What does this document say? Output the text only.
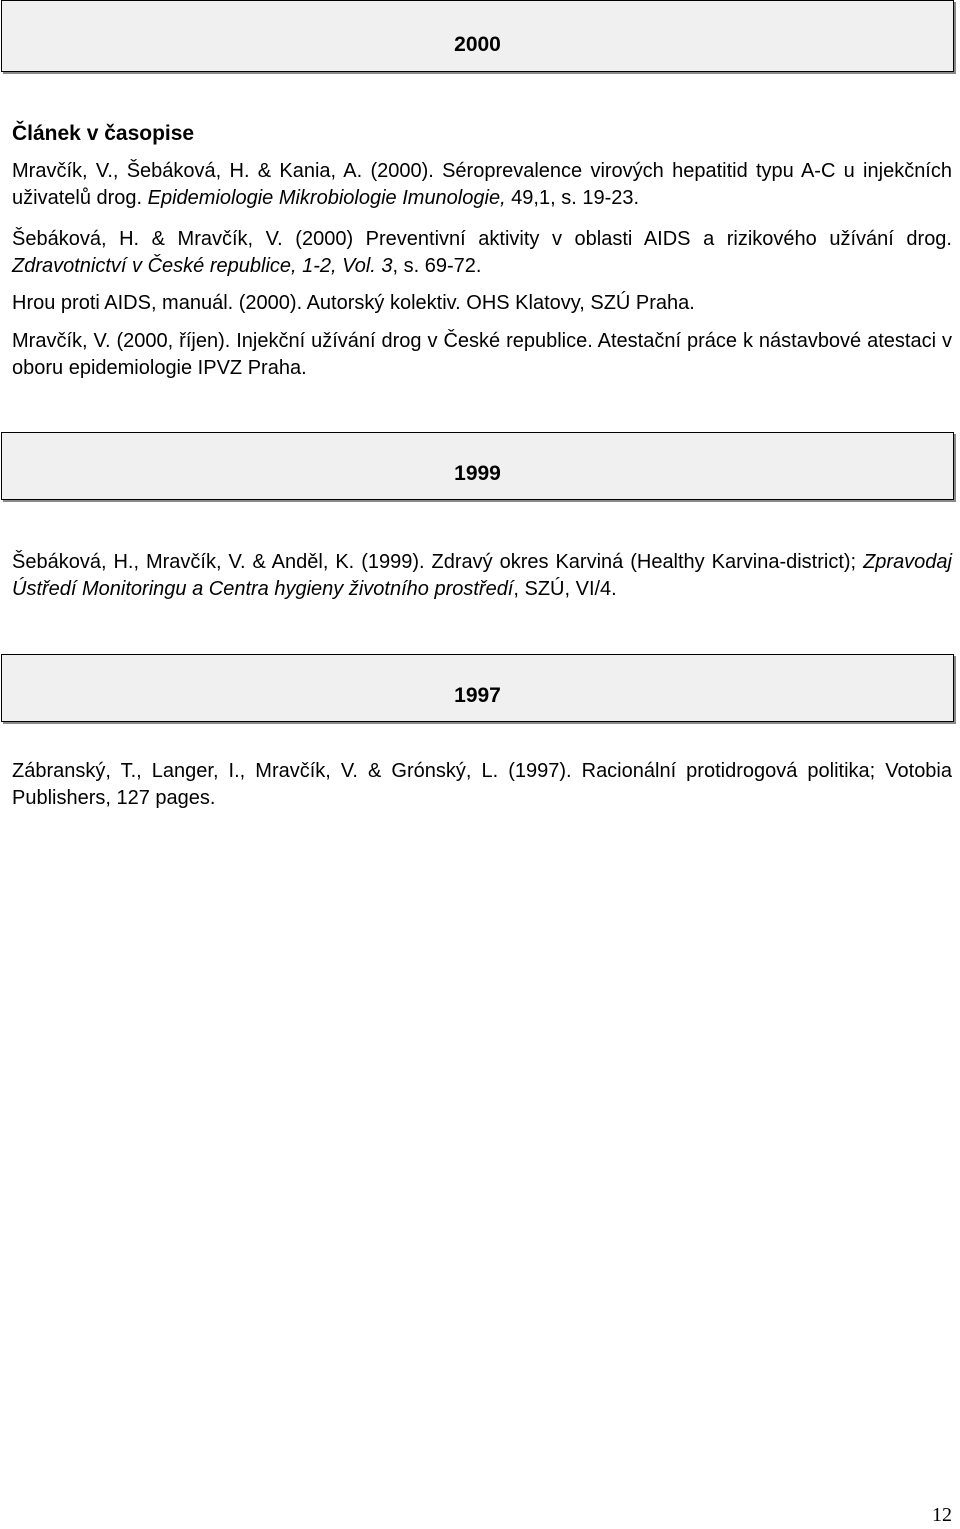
2000

Článek v časopise

Mravčík, V., Šebáková, H. & Kania, A. (2000). Séroprevalence virových hepatitid typu A-C u injekčních uživatelů drog. Epidemiologie Mikrobiologie Imunologie, 49,1, s. 19-23.

Šebáková, H. & Mravčík, V. (2000) Preventivní aktivity v oblasti AIDS a rizikového užívání drog. Zdravotnictví v České republice, 1-2, Vol. 3, s. 69-72.

Hrou proti AIDS, manuál. (2000). Autorský kolektiv. OHS Klatovy, SZÚ Praha.

Mravčík, V. (2000, říjen). Injekční užívání drog v České republice. Atestační práce k nástavbové atestaci v oboru epidemiologie IPVZ Praha.

1999

Šebáková, H., Mravčík, V. & Anděl, K. (1999). Zdravý okres Karviná (Healthy Karvina-district); Zpravodaj Ústředí Monitoringu a Centra hygieny životního prostředí, SZÚ, VI/4.

1997

Zábranský, T., Langer, I., Mravčík, V. & Grónský, L. (1997). Racionální protidrogová politika; Votobia Publishers, 127 pages.

12
